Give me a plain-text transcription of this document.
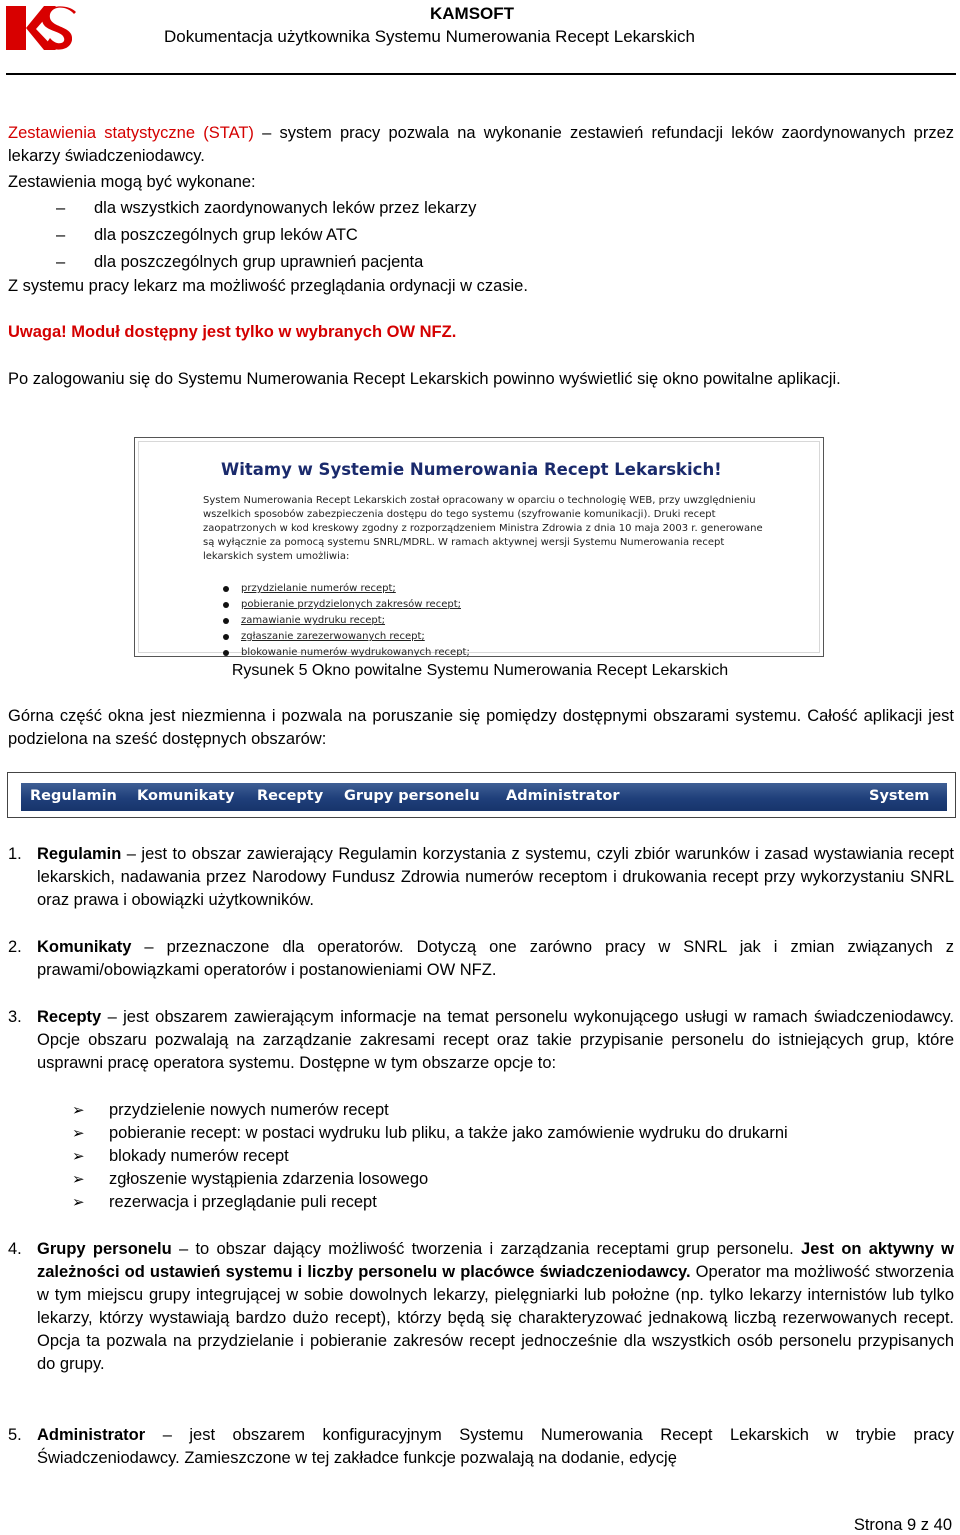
KAMSOFT
Dokumentacja użytkownika Systemu Numerowania Recept Lekarskich

Zestawienia statystyczne (STAT) – system pracy pozwala na wykonanie zestawień refundacji leków zaordynowanych przez lekarzy świadczeniodawcy.

Zestawienia mogą być wykonane:

– dla wszystkich zaordynowanych leków przez lekarzy
– dla poszczególnych grup leków ATC
– dla poszczególnych grup uprawnień pacjenta

Z systemu pracy lekarz ma możliwość przeglądania ordynacji w czasie.

Uwaga! Moduł dostępny jest tylko w wybranych OW NFZ.

Po zalogowaniu się do Systemu Numerowania Recept Lekarskich powinno wyświetlić się okno powitalne aplikacji.

Witamy w Systemie Numerowania Recept Lekarskich!
System Numerowania Recept Lekarskich został opracowany w oparciu o technologię WEB, przy uwzględnieniu wszelkich sposobów zabezpieczenia dostępu do tego systemu (szyfrowanie komunikacji). Druki recept zaopatrzonych w kod kreskowy zgodny z rozporządzeniem Ministra Zdrowia z dnia 10 maja 2003 r. generowane są wyłącznie za pomocą systemu SNRL/MDRL. W ramach aktywnej wersji Systemu Numerowania recept lekarskich system umożliwia:
przydzielanie numerów recept;
pobieranie przydzielonych zakresów recept;
zamawianie wydruku recept;
zgłaszanie zarezerwowanych recept;
blokowanie numerów wydrukowanych recept;
Rysunek 5 Okno powitalne Systemu Numerowania Recept Lekarskich

Górna część okna jest niezmienna i pozwala na poruszanie się pomiędzy dostępnymi obszarami systemu. Całość aplikacji jest podzielona na sześć dostępnych obszarów:

Regulamin Komunikaty Recepty Grupy personelu Administrator	System
1. Regulamin – jest to obszar zawierający Regulamin korzystania z systemu, czyli zbiór warunków i zasad wystawiania recept lekarskich, nadawania przez Narodowy Fundusz Zdrowia numerów receptom i drukowania recept przy wykorzystaniu SNRL oraz prawa i obowiązki użytkowników.
2. Komunikaty – przeznaczone dla operatorów. Dotyczą one zarówno pracy w SNRL jak i zmian związanych z prawami/obowiązkami operatorów i postanowieniami OW NFZ.
3. Recepty – jest obszarem zawierającym informacje na temat personelu wykonującego usługi w ramach świadczeniodawcy. Opcje obszaru pozwalają na zarządzanie zakresami recept oraz takie przypisanie personelu do istniejących grup, które usprawni pracę operatora systemu. Dostępne w tym obszarze opcje to:
➢ przydzielenie nowych numerów recept
➢ pobieranie recept: w postaci wydruku lub pliku, a także jako zamówienie wydruku do drukarni
➢ blokady numerów recept
➢ zgłoszenie wystąpienia zdarzenia losowego
➢ rezerwacja i przeglądanie puli recept
4. Grupy personelu – to obszar dający możliwość tworzenia i zarządzania receptami grup personelu. Jest on aktywny w zależności od ustawień systemu i liczby personelu w placówce świadczeniodawcy. Operator ma możliwość stworzenia w tym miejscu grupy integrującej w sobie dowolnych lekarzy, pielęgniarki lub położne (np. tylko lekarzy internistów lub tylko lekarzy, którzy wystawiają bardzo dużo recept), którzy będą się charakteryzować jednakową liczbą rezerwowanych recept. Opcja ta pozwala na przydzielanie i pobieranie zakresów recept jednocześnie dla wszystkich osób personelu przypisanych do grupy.
5. Administrator – jest obszarem konfiguracyjnym Systemu Numerowania Recept Lekarskich w trybie pracy Świadczeniodawcy. Zamieszczone w tej zakładce funkcje pozwalają na dodanie, edycję
Strona 9 z 40
